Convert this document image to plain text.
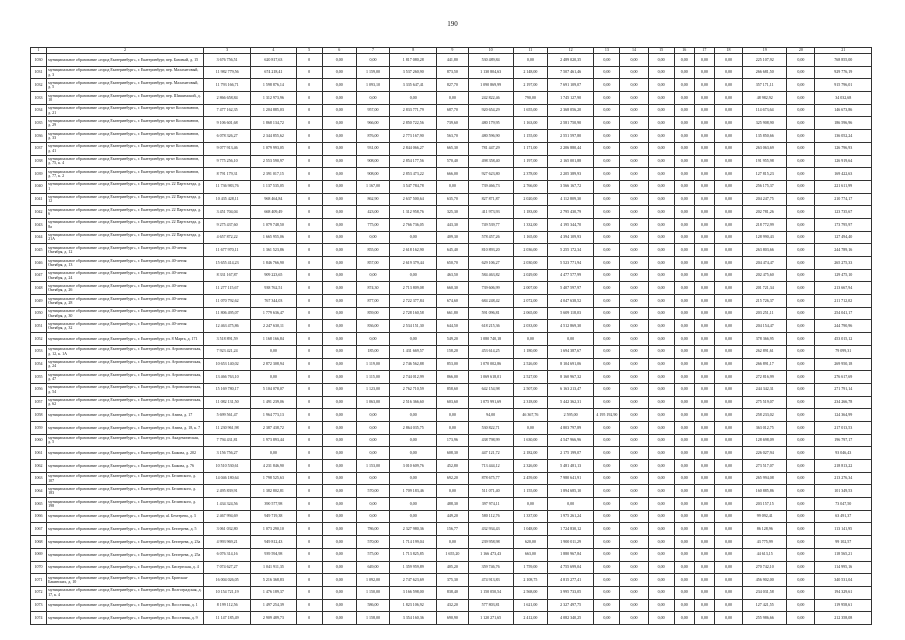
190
1	2	3	4	5	6	7	8	9	10	11	12	13	14	15	16	17	18	19	20	21
1030	муниципальное образование «город Екатеринбург», г. Екатеринбург, пер. Базовый, д. 15	3 676 756,51	620 817,63	0	0,00	0,00	1 817 080,28	441,80	530 489,84	0,00	2 489 020,35	0,00	0,00	0,00	0,00	0,00	0,00	225 107,92	0,00	768 855,00
1031	муниципальное образование «город Екатеринбург», г. Екатеринбург, пер. Малахитовый, д. 3	11 982 779,56	674 218,41	0	0,00	1 159,00	3 537 260,90	873,50	1 130 804,63	2 148,00	7 507 461,46	0,00	0,00	0,00	0,00	0,00	0,00	266 681,50	0,00	929 776,19
1032	муниципальное образование «город Екатеринбург», г. Екатеринбург, пер. Малахитовый, д. 5	11 793 166,71	1 598 876,14	0	0,00	1 093,10	3 335 647,41	827,70	1 090 869,99	2 197,00	7 691 109,07	0,00	0,00	0,00	0,00	0,00	0,00	357 171,11	0,00	915 796,01
1033	муниципальное образование «город Екатеринбург», г. Екатеринбург, пер. Шишимский, д. 10	2 866 658,84	1 312 973,96	0	0,00	0,00	0,00	0,00	242 822,46	790,00	1 745 127,90	0,00	0,00	0,00	0,00	0,00	0,00	48 982,92	0,00	34 032,68
1034	муниципальное образование «город Екатеринбург», г. Екатеринбург, пр-кт Космонавтов, д. 21	7 477 162,35	1 204 885,03	0	0,00	957,00	2 833 771,79	687,70	920 654,29	1 655,00	2 368 056,20	0,00	0,00	0,00	0,00	0,00	0,00	114 673,64	0,00	146 673,86
1035	муниципальное образование «город Екатеринбург», г. Екатеринбург, пр-кт Космонавтов, д. 29	9 106 601,68	1 868 134,72	0	0,00	966,00	2 850 722,56	739,60	480 179,95	1 163,00	2 581 750,90	0,00	0,00	0,00	0,00	0,00	0,00	325 908,90	0,00	186 596,96
1036	муниципальное образование «город Екатеринбург», г. Екатеринбург, пр-кт Космонавтов, д. 33	6 078 326,27	2 344 855,62	0	0,00	876,00	2 773 167,90	563,70	480 596,90	1 155,00	2 551 597,80	0,00	0,00	0,00	0,00	0,00	0,00	135 850,66	0,00	136 052,24
1037	муниципальное образование «город Екатеринбург», г. Екатеринбург, пр-кт Космонавтов, д. 41	9 077 913,46	1 079 993,05	0	0,00	931,00	2 844 066,27	665,30	781 447,29	1 171,00	2 206 880,44	0,00	0,00	0,00	0,00	0,00	0,00	263 063,69	0,00	126 796,93
1038	муниципальное образование «город Екатеринбург», г. Екатеринбург, пр-кт Космонавтов, д. 75, к. 4	9 775 256,10	2 553 590,97	0	0,00	908,00	2 854 177,56	570,40	498 358,40	1 197,00	2 165 001,88	0,00	0,00	0,00	0,00	0,00	0,00	191 955,98	0,00	126 919,64
1039	муниципальное образование «город Екатеринбург», г. Екатеринбург, пр-кт Космонавтов, д. 77, к. 2	8 791 179,31	2 391 017,15	0	0,00	908,00	2 853 473,22	666,00	927 623,80	2 378,00	2 205 389,93	0,00	0,00	0,00	0,00	0,00	0,00	127 815,23	0,00	169 422,63
1040	муниципальное образование «город Екатеринбург», г. Екатеринбург, ул. 22 Партсъезда, д. 1	11 736 983,76	1 137 535,05	0	0,00	1 167,00	3 547 784,78	0,00	739 466,73	2 766,00	3 566 167,72	0,00	0,00	0,00	0,00	0,00	0,00	256 175,37	0,00	221 611,99
1041	муниципальное образование «город Екатеринбург», г. Екатеринбург, ул. 22 Партсъезда, д. 12	10 435 428,11	968 464,84	0	0,00	862,90	2 637 500,64	635,70	827 871,87	2 020,00	4 112 809,30	0,00	0,00	0,00	0,00	0,00	0,00	204 247,75	0,00	210 774,17
1042	муниципальное образование «город Екатеринбург», г. Екатеринбург, ул. 22 Партсъезда, д. 6	3 451 704,04	668 409,49	0	0,00	423,00	1 312 958,76	325,30	411 973,93	1 183,00	2 795 430,79	0,00	0,00	0,00	0,00	0,00	0,00	202 781,26	0,00	123 735,67
1043	муниципальное образование «город Екатеринбург», г. Екатеринбург, ул. 22 Партсъезда, д. 8а	9 275 437,60	1 079 748,50	0	0,00	775,00	2 766 736,05	443,30	749 539,77	1 332,00	4 195 344,70	0,00	0,00	0,00	0,00	0,00	0,00	218 772,99	0,00	173 795,97
1044	муниципальное образование «город Екатеринбург», г. Екатеринбург, ул. 22 Партсъезда, д. 21А	4 657 872,22	1 665 955,06	0	0,00	0,00	0,00	409,30	578 457,26	1 165,00	4 394 109,93	0,00	0,00	0,00	0,00	0,00	0,00	128 990,43	0,00	127 494,40
1045	муниципальное образование «город Екатеринбург», г. Екатеринбург, ул. 40-летия Октября, д. 12	11 677 970,11	1 361 523,86	0	0,00	855,00	2 618 162,90	645,40	810 893,20	2 036,00	5 255 172,34	0,00	0,00	0,00	0,00	0,00	0,00	263 803,66	0,00	244 789,16
1046	муниципальное образование «город Екатеринбург», г. Екатеринбург, ул. 40-летия Октября, д. 13	15 655 414,23	1 846 766,90	0	0,00	857,00	2 619 379,44	650,70	629 106,27	2 030,00	5 523 771,94	0,00	0,00	0,00	0,00	0,00	0,00	204 474,47	0,00	265 275,33
1047	муниципальное образование «город Екатеринбург», г. Екатеринбург, ул. 40-летия Октября, д. 24	8 331 167,87	909 223,65	0	0,00	0,00	0,00	463,50	584 463,82	2 029,00	4 477 577,99	0,00	0,00	0,00	0,00	0,00	0,00	202 475,60	0,00	129 475,10
1048	муниципальное образование «город Екатеринбург», г. Екатеринбург, ул. 40-летия Октября, д. 26	11 277 115,67	938 762,51	0	0,00	874,30	2 713 809,08	660,30	739 606,99	2 007,00	5 407 597,97	0,00	0,00	0,00	0,00	0,00	0,00	201 721,34	0,00	213 667,94
1049	муниципальное образование «город Екатеринбург», г. Екатеринбург, ул. 40-летия Октября, д. 28	11 070 792,62	767 344,03	0	0,00	877,00	2 722 377,84	674,60	684 248,42	2 072,00	4 047 638,52	0,00	0,00	0,00	0,00	0,00	0,00	215 726,37	0,00	211 712,02
1050	муниципальное образование «город Екатеринбург», г. Екатеринбург, ул. 40-летия Октября, д. 30	11 806 495,07	1 779 636,47	0	0,00	859,00	2 728 160,58	661,80	591 096,81	2 065,00	5 609 118,03	0,00	0,00	0,00	0,00	0,00	0,00	203 251,11	0,00	254 041,17
1051	муниципальное образование «город Екатеринбург», г. Екатеринбург, ул. 40-летия Октября, д. 32	12 463 475,86	2 247 630,11	0	0,00	836,00	2 534 151,30	644,50	618 215,36	2 033,00	4 512 869,30	0,00	0,00	0,00	0,00	0,00	0,00	204 154,47	0,00	244 790,96
1052	муниципальное образование «город Екатеринбург», г. Екатеринбург, ул. 8 Марта, д. 171	3 518 891,59	1 168 166,84	0	0,00	0,00	0,00	549,20	1 080 740,18	0,00	0,00	0,00	0,00	0,00	0,00	0,00	0,00	378 366,95	0,00	453 015,12
1053	муниципальное образование «город Екатеринбург», г. Екатеринбург, ул. Агрономическая, д. 12, к. 1А	7 923 421,24	0,00	0	0,00	185,00	1 431 669,57	158,20	453 614,25	1 180,00	1 694 387,67	0,00	0,00	0,00	0,00	0,00	0,00	262 891,61	0,00	79 099,31
1054	муниципальное образование «город Екатеринбург», г. Екатеринбург, ул. Агрономическая, д. 24	10 653 140,02	2 872 308,94	0	0,00	1 119,00	2 746 562,88	853,00	1 070 002,86	2 526,00	8 104 691,06	0,00	0,00	0,00	0,00	0,00	0,00	266 891,17	0,00	269 950,18
1055	муниципальное образование «город Екатеринбург», г. Екатеринбург, ул. Агрономическая, д. 47	13 466 763,10	0,00	0	0,00	1 115,00	2 744 012,99	866,00	1 069 618,01	2 527,00	8 160 967,32	0,00	0,00	0,00	0,00	0,00	0,00	272 816,99	0,00	276 617,69
1056	муниципальное образование «город Екатеринбург», г. Екатеринбург, ул. Агрономическая, д. 54	15 169 780,17	5 104 078,07	0	0,00	1 123,00	2 762 710,59	858,60	642 154,98	2 507,00	6 163 213,47	0,00	0,00	0,00	0,00	0,00	0,00	244 342,31	0,00	271 791,14
1057	муниципальное образование «город Екатеринбург», г. Екатеринбург, ул. Агрономическая, д. 62	11 082 131,50	1 491 239,06	0	0,00	1 063,00	2 516 366,60	603,60	1 075 991,69	2 318,00	5 442 362,31	0,00	0,00	0,00	0,00	0,00	0,00	275 519,07	0,00	234 266,78
1058	муниципальное образование «город Екатеринбург», г. Екатеринбург, ул. Азина, д. 17	5 699 561,47	1 964 773,13	0	0,00	0,00	0,00	0,00	94,00	46 367,76	2 595,00	4 195 192,90	0,00	0,00	0,00	0,00	0,00	258 233,02	0,00	124 364,99
1059	муниципальное образование «город Екатеринбург», г. Екатеринбург, ул. Азина, д. 18, к. 7	11 230 961,98	2 387 438,72	0	0,00	0,00	2 864 035,75	0,00	530 822,71	0,00	4 803 797,89	0,00	0,00	0,00	0,00	0,00	0,00	363 012,75	0,00	217 013,53
1060	муниципальное образование «город Екатеринбург», г. Екатеринбург, ул. Академическая, д. 5	7 794 431,81	1 973 893,44	0	0,00	0,00	0,00	173,96	438 798,99	1 630,00	4 547 966,96	0,00	0,00	0,00	0,00	0,00	0,00	128 698,09	0,00	196 797,17
1061	муниципальное образование «город Екатеринбург», г. Екатеринбург, ул. Бажова, д. 202	3 156 756,27	0,00	0	0,00	0,00	0,00	608,30	447 121,72	2 182,00	2 175 199,07	0,00	0,00	0,00	0,00	0,00	0,00	226 027,94	0,00	93 046,43
1062	муниципальное образование «город Екатеринбург», г. Екатеринбург, ул. Бажова, д. 76	10 510 530,61	4 231 846,90	0	0,00	1 153,00	3 010 609,76	452,80	713 444,12	2 326,00	5 481 481,13	0,00	0,00	0,00	0,00	0,00	0,00	273 517,07	0,00	218 813,22
1063	муниципальное образование «город Екатеринбург», г. Екатеринбург, ул. Белинского, д. 107	14 046 180,64	1 798 525,63	0	0,00	0,00	0,00	692,20	878 675,77	2 459,00	7 980 641,91	0,00	0,00	0,00	0,00	0,00	0,00	265 994,08	0,00	213 276,34
1064	муниципальное образование «город Екатеринбург», г. Екатеринбург, ул. Белинского, д. 183	2 495 839,91	1 382 802,81	0	0,00	570,00	1 709 183,46	0,00	511 071,40	1 155,00	1 894 685,10	0,00	0,00	0,00	0,00	0,00	0,00	160 885,86	0,00	101 349,53
1065	муниципальное образование «город Екатеринбург», г. Екатеринбург, ул. Белинского, д. 198	1 434 324,56	390 577,98	0	0,00	0,00	0,00	488,30	397 974,11	0,00	0,00	0,00	0,00	0,00	0,00	0,00	0,00	203 157,15	0,00	73 047,50
1066	муниципальное образование «город Екатеринбург», г. Екатеринбург, ul. Бехтерева, д. 3	2 467 994,69	949 719,38	0	0,00	0,00	0,00	449,20	580 112,76	1 337,00	1 975 261,24	0,00	0,00	0,00	0,00	0,00	0,00	99 092,41	0,00	63 491,37
1067	муниципальное образование «город Екатеринбург», г. Екатеринбург, ул. Бехтерева, д. 5	3 061 032,80	1 073 290,10	0	0,00	786,00	2 327 980,36	156,77	432 934,43	1 048,00	1 724 830,12	0,00	0,00	0,00	0,00	0,00	0,00	86 128,96	0,00	113 141,95
1068	муниципальное образование «город Екатеринбург», г. Екатеринбург, ул. Бехтерева, д. 23а	4 993 969,21	949 812,43	0	0,00	570,00	1 714 199,04	0,00	239 958,98	620,00	1 900 011,29	0,00	0,00	0,00	0,00	0,00	0,00	43 775,99	0,00	99 102,57
1069	муниципальное образование «город Екатеринбург», г. Екатеринбург, ул. Бехтерева, д. 25а	6 076 314,16	939 594,98	0	0,00	575,00	1 713 825,85	1 655,20	1 166 473,43	663,00	1 880 967,84	0,00	0,00	0,00	0,00	0,00	0,00	44 613,15	0,00	118 565,21
1070	муниципальное образование «город Екатеринбург», г. Екатеринбург, ул. Бисертская, д. 4	7 074 627,27	1 041 911,35	0	0,00	649,00	1 359 959,89	405,20	359 746,76	1 759,00	4 755 699,04	0,00	0,00	0,00	0,00	0,00	0,00	270 742,10	0,00	114 995,16
1071	муниципальное образование «город Екатеринбург», г. Екатеринбург, ул. Братская-Бакинских, д. 10	16 004 026,05	5 216 368,83	0	0,00	1 092,00	2 747 623,69	375,30	474 913,83	2 108,75	4 815 277,41	0,00	0,00	0,00	0,00	0,00	0,00	456 902,00	0,00	340 531,04
1072	муниципальное образование «город Екатеринбург», г. Екатеринбург, ул. Волгоградская, д. 17, к. 4	10 154 721,19	1 476 189,37	0	0,00	1 150,00	3 166 598,00	838,40	1 150 050,54	2 568,00	3 995 733,05	0,00	0,00	0,00	0,00	0,00	0,00	234 031,58	0,00	194 329,61
1073	муниципальное образование «город Екатеринбург», г. Екатеринбург, ул. Восстания, д. 1	8 199 112,56	1 497 254,39	0	0,00	586,00	1 823 106,92	432,20	577 803,81	1 621,00	2 327 497,75	0,00	0,00	0,00	0,00	0,00	0,00	127 421,55	0,00	119 958,61
1074	муниципальное образование «город Екатеринбург», г. Екатеринбург, ул. Восстания, д. 9	11 147 185,49	2 909 489,73	0	0,00	1 158,00	3 354 160,36	690,90	1 120 271,65	2 412,00	4 082 340,25	0,00	0,00	0,00	0,00	0,00	0,00	255 986,66	0,00	212 358,08
